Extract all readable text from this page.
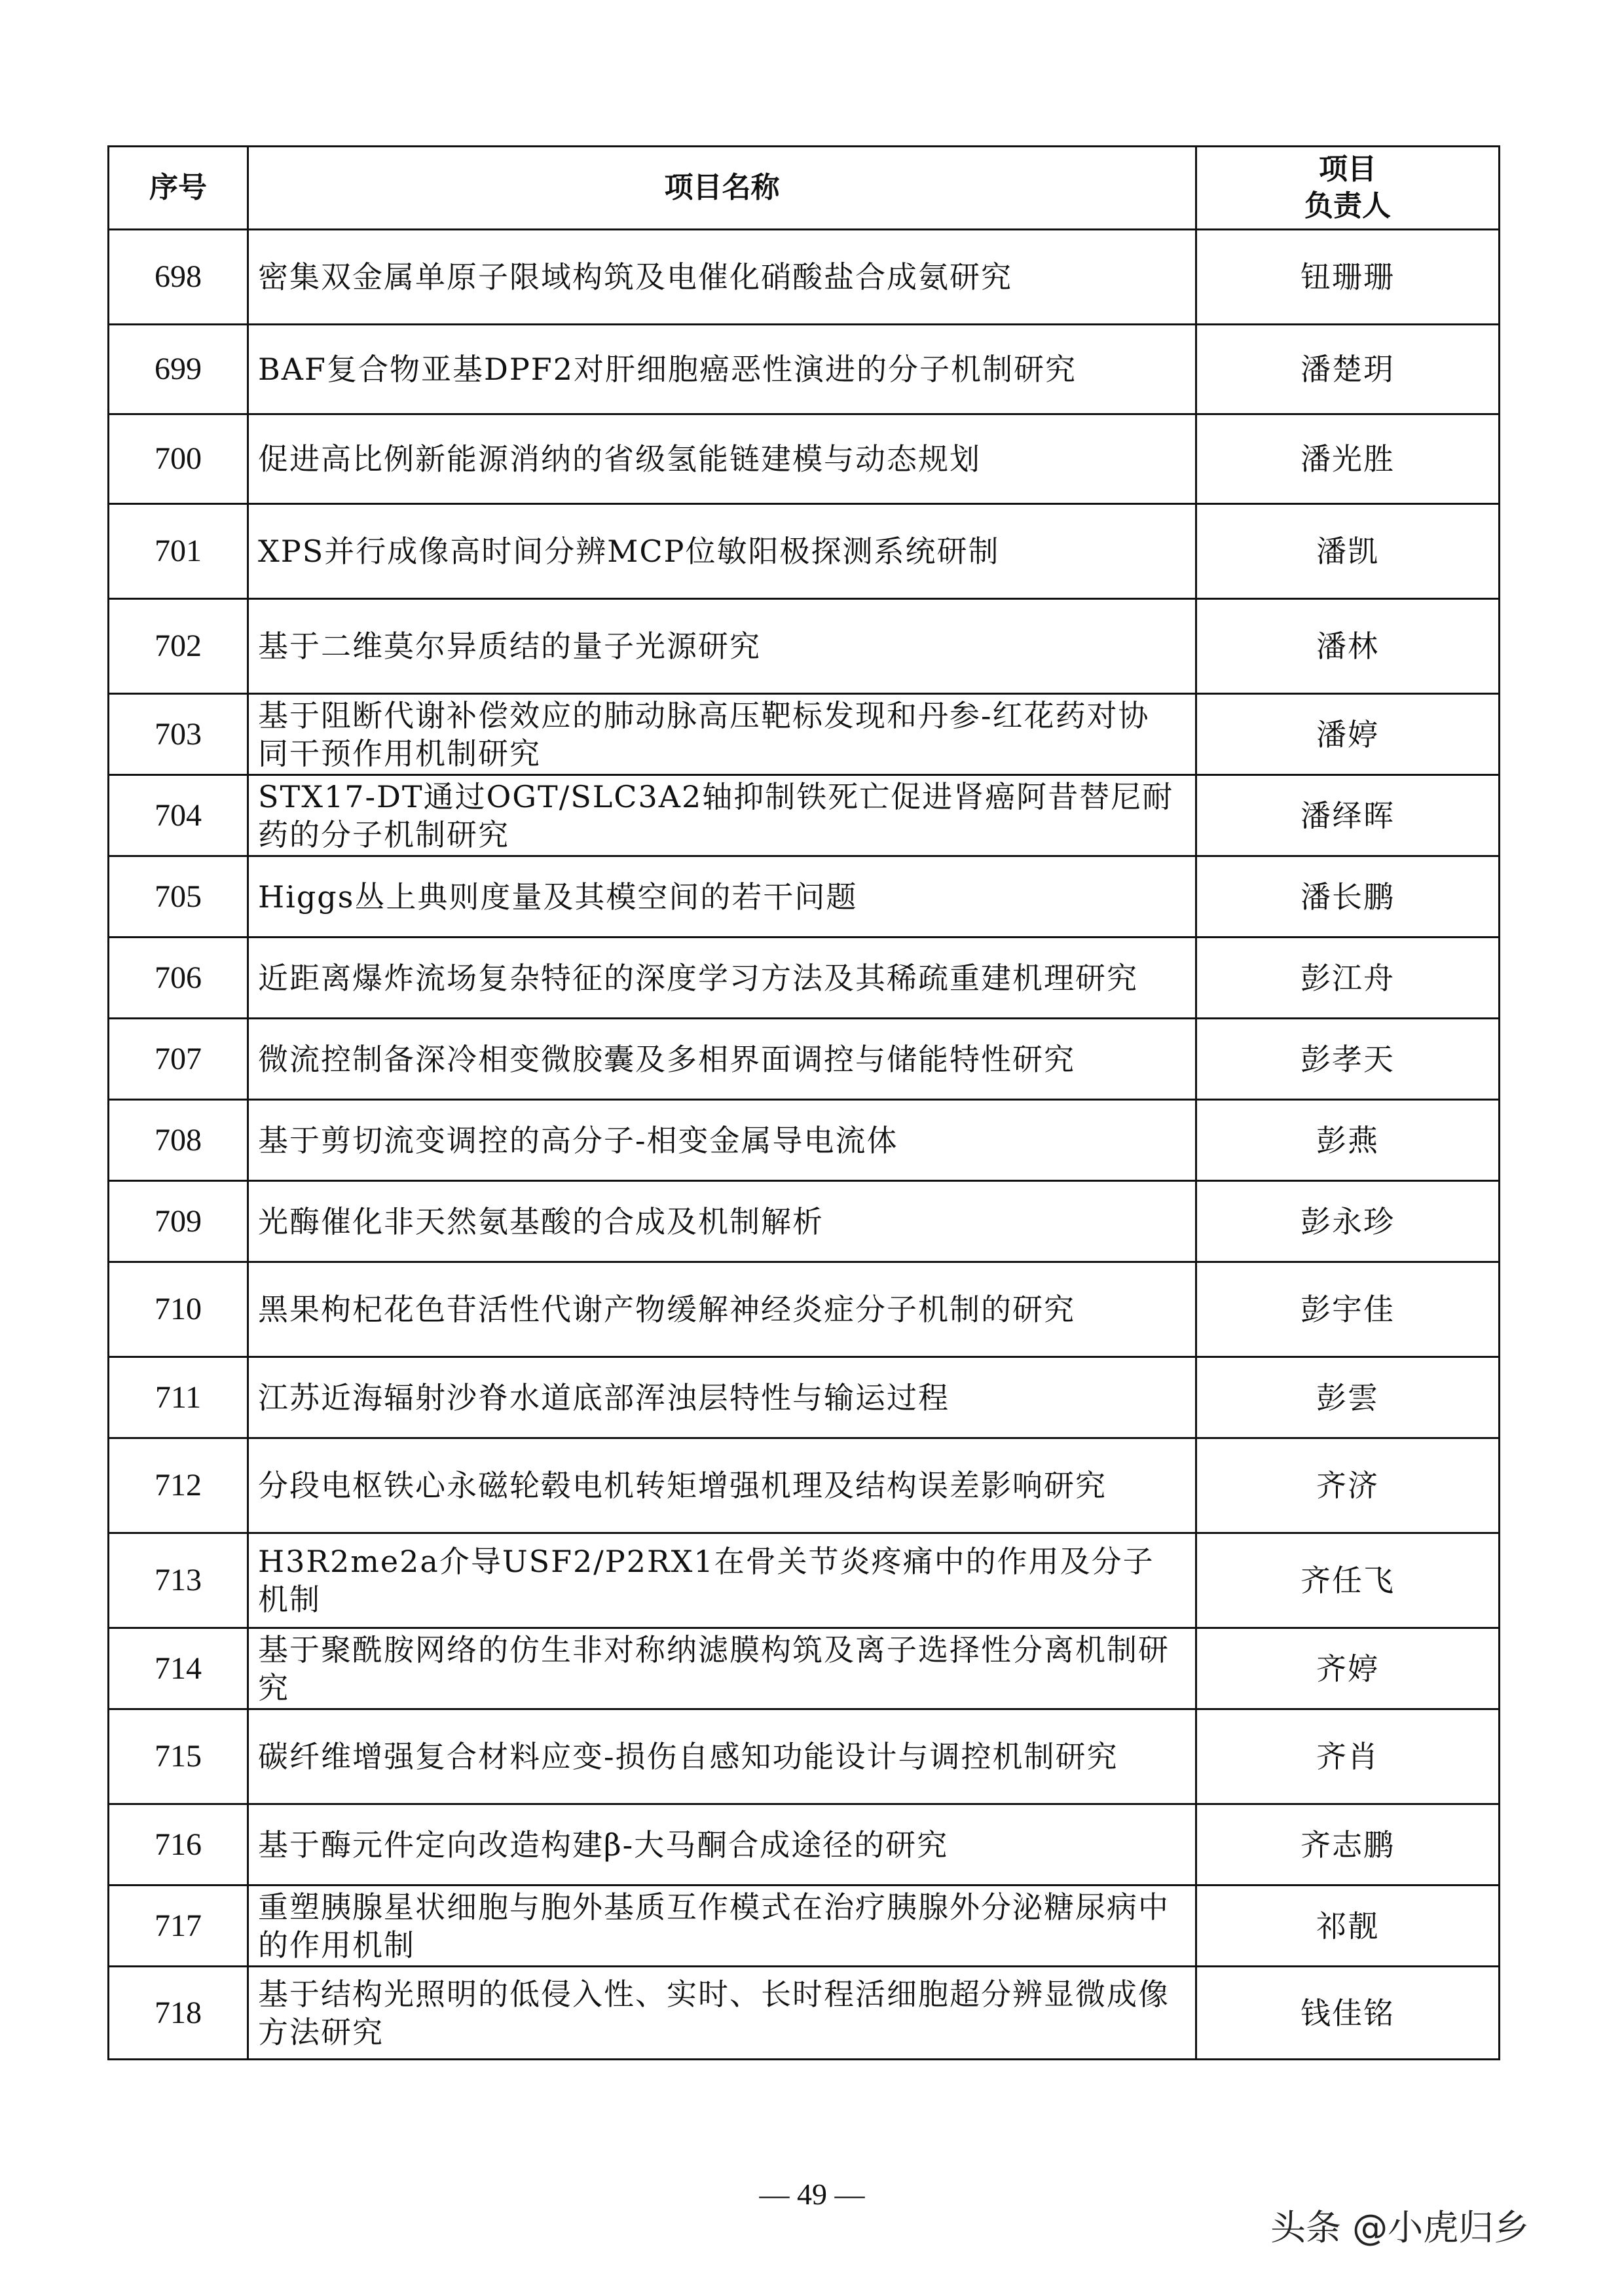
序号	项目名称	项目
负责人

698	密集双金属单原子限域构筑及电催化硝酸盐合成氨研究	钮珊珊
699	BAF复合物亚基DPF2对肝细胞癌恶性演进的分子机制研究	潘楚玥
700	促进高比例新能源消纳的省级氢能链建模与动态规划	潘光胜
701	XPS并行成像高时间分辨MCP位敏阳极探测系统研制	潘凯
702	基于二维莫尔异质结的量子光源研究	潘林
703	基于阻断代谢补偿效应的肺动脉高压靶标发现和丹参-红花药对协同干预作用机制研究	潘婷
704	STX17-DT通过OGT/SLC3A2轴抑制铁死亡促进肾癌阿昔替尼耐药的分子机制研究	潘绎晖
705	Higgs丛上典则度量及其模空间的若干问题	潘长鹏
706	近距离爆炸流场复杂特征的深度学习方法及其稀疏重建机理研究	彭江舟
707	微流控制备深冷相变微胶囊及多相界面调控与储能特性研究	彭孝天
708	基于剪切流变调控的高分子-相变金属导电流体	彭燕
709	光酶催化非天然氨基酸的合成及机制解析	彭永珍
710	黑果枸杞花色苷活性代谢产物缓解神经炎症分子机制的研究	彭宇佳
711	江苏近海辐射沙脊水道底部浑浊层特性与输运过程	彭雲
712	分段电枢铁心永磁轮毂电机转矩增强机理及结构误差影响研究	齐济
713	H3R2me2a介导USF2/P2RX1在骨关节炎疼痛中的作用及分子机制	齐任飞
714	基于聚酰胺网络的仿生非对称纳滤膜构筑及离子选择性分离机制研究	齐婷
715	碳纤维增强复合材料应变-损伤自感知功能设计与调控机制研究	齐肖
716	基于酶元件定向改造构建β-大马酮合成途径的研究	齐志鹏
717	重塑胰腺星状细胞与胞外基质互作模式在治疗胰腺外分泌糖尿病中的作用机制	祁靓
718	基于结构光照明的低侵入性、实时、长时程活细胞超分辨显微成像方法研究	钱佳铭
— 49 —
头条 @小虎归乡
